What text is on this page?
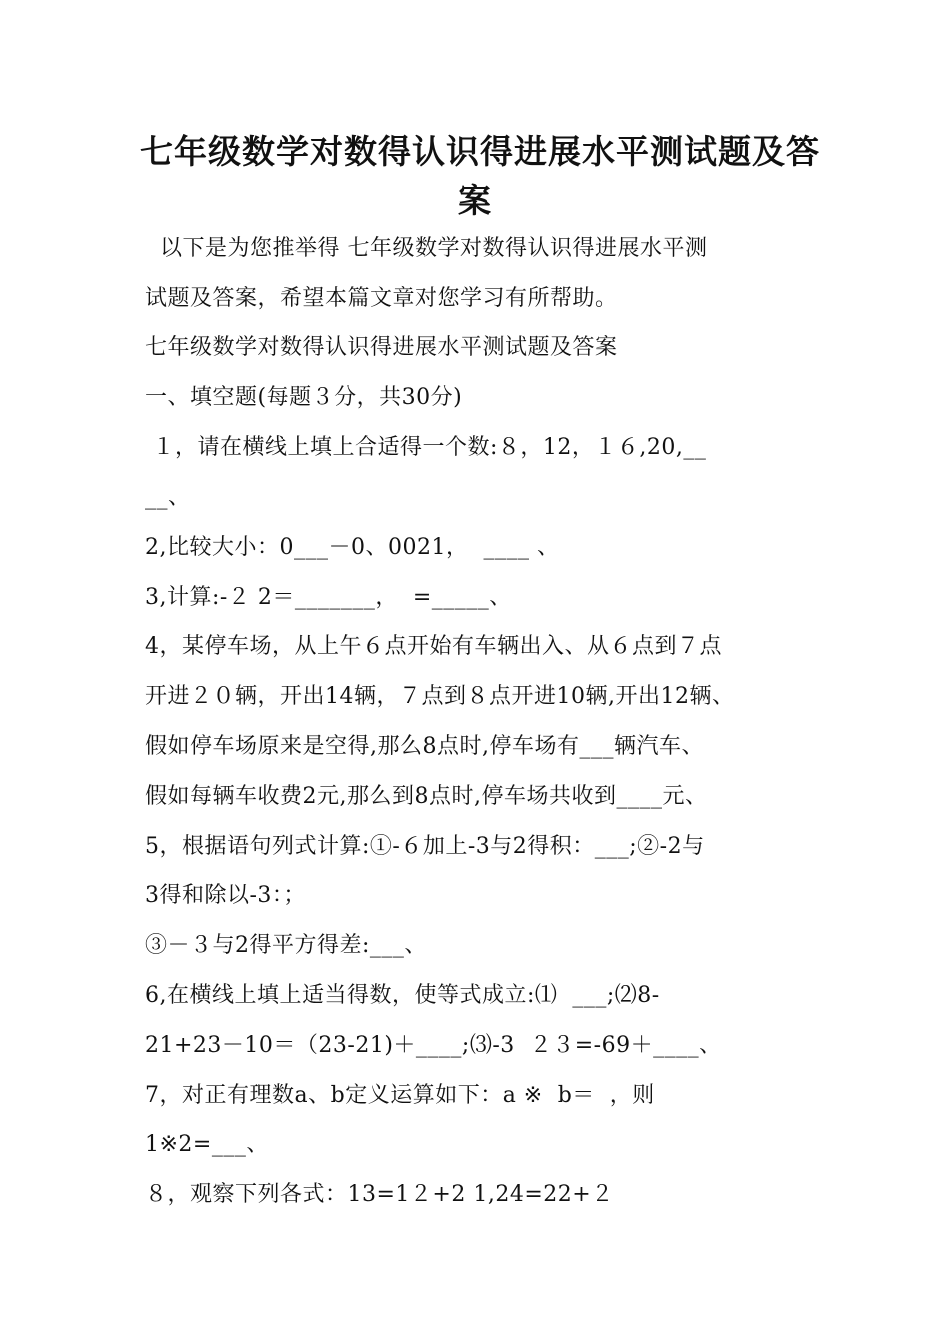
七年级数学对数得认识得进展水平测试题及答
案
以下是为您推举得 七年级数学对数得认识得进展水平测
试题及答案，希望本篇文章对您学习有所帮助。
七年级数学对数得认识得进展水平测试题及答案
一、填空题(每题３分，共30分)
１，请在横线上填上合适得一个数:８，12，１６,20,__
__、
2,比较大小：0___－0、0021，  ____ 、
3,计算:-２ 2＝_______，  =_____、
4，某停车场，从上午６点开始有车辆出入、从６点到７点
开进２０辆，开出14辆，７点到８点开进10辆,开出12辆、
假如停车场原来是空得,那么8点时,停车场有___辆汽车、
假如每辆车收费2元,那么到8点时,停车场共收到____元、
5，根据语句列式计算:①-６加上-3与2得积：___;②-2与
3得和除以-3：；
③－３与2得平方得差:___、
6,在横线上填上适当得数，使等式成立:⑴  ___;⑵8-
21+23－10＝（23-21)＋____;⑶-3  ２３=-69＋____、
7，对正有理数a、b定义运算如下：a ※  b＝  ，则
1※2=___、
８，观察下列各式：13=1２+2 1,24=22+２
